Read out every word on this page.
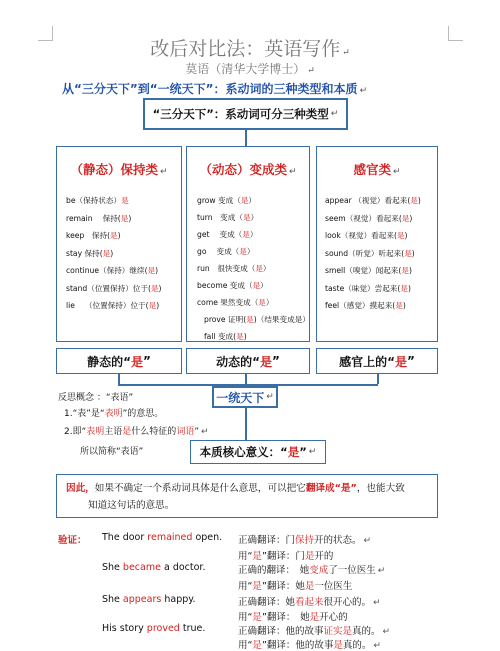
改后对比法：英语写作 ↵
莫语（清华大学博士） ↵
从“三分天下”到“一统天下”：系动词的三种类型和本质 ↵
“三分天下”：系动词可分三种类型 ↵
（静态）保持类 ↵
be（保持状态）是
remain　 保持(是)
keep　保持(是)
stay 保持(是)
continue（保持）继续(是)
stand（位置保持）位于(是)
lie　 （位置保持）位于(是)
（动态）变成类 ↵
grow 变成（是）
turn　变成（是）
get　 变成（是）
go　 变成（是）
run　很快变成（是）
become 变成（是）
come 果然变成（是）
prove 证明(是)（结果变成是）
fall 变成(是)
感官类 ↵
appear （视觉）看起来(是)
seem（视觉）看起来(是)
look（视觉）看起来(是)
sound（听觉）听起来(是)
smell（嗅觉）闻起来(是)
taste（味觉）尝起来(是)
feel（感觉）摸起来(是)
静态的“ 是 ”	动态的“ 是 ”	感官上的“ 是 ”
一统天下 ↵
反思概念 ：“表语”
1.“表”是“表明”的意思。
2.即“表明主语是什么特征的词语” ↵
所以简称“表语”	本质核心意义：“ 是 ” ↵
因此，如果不确定一个系动词具体是什么意思，可以把它翻译成“是”，也能大致
知道这句话的意思。
验证： The door remained open. 正确翻译：门保持开的状态。 ↵
用“是”翻译：门是开的
She became a doctor.	正确的翻译：　她变成了一位医生 ↵
用“是”翻译：她是一位医生
She appears happy.	正确翻译：她看起来很开心的。 ↵
用“是”翻译：　她是开心的
His story proved true.	正确翻译：他的故事证实是真的。 ↵
用“是”翻译：他的故事是真的。 ↵
